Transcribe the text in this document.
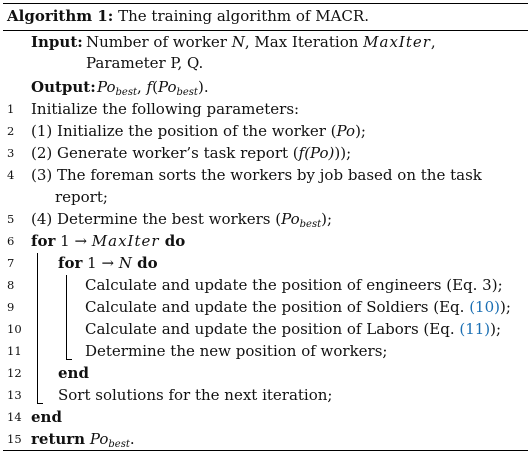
Algorithm 1: The training algorithm of MACR.
Input: Number of worker N, Max Iteration MaxIter,
Parameter P, Q.
Output: $Po_{best}$, $f(Po_{best})$.
1	Initialize the following parameters:
2	(1) Initialize the position of the worker (Po);
3	(2) Generate worker’s task report (f(Po)));
4	(3) The foreman sorts the workers by job based on the task
report;
5	(4) Determine the best workers $(Po_{best})$;
6	for 1 → MaxIter do
7	for 1 → N do
8	Calculate and update the position of engineers (Eq. 3);
9	Calculate and update the position of Soldiers (Eq. (10));
10	Calculate and update the position of Labors (Eq. (11));
11	Determine the new position of workers;
12 end
13 Sort solutions for the next iteration;
14 end
15 return $Po_{best}$.
